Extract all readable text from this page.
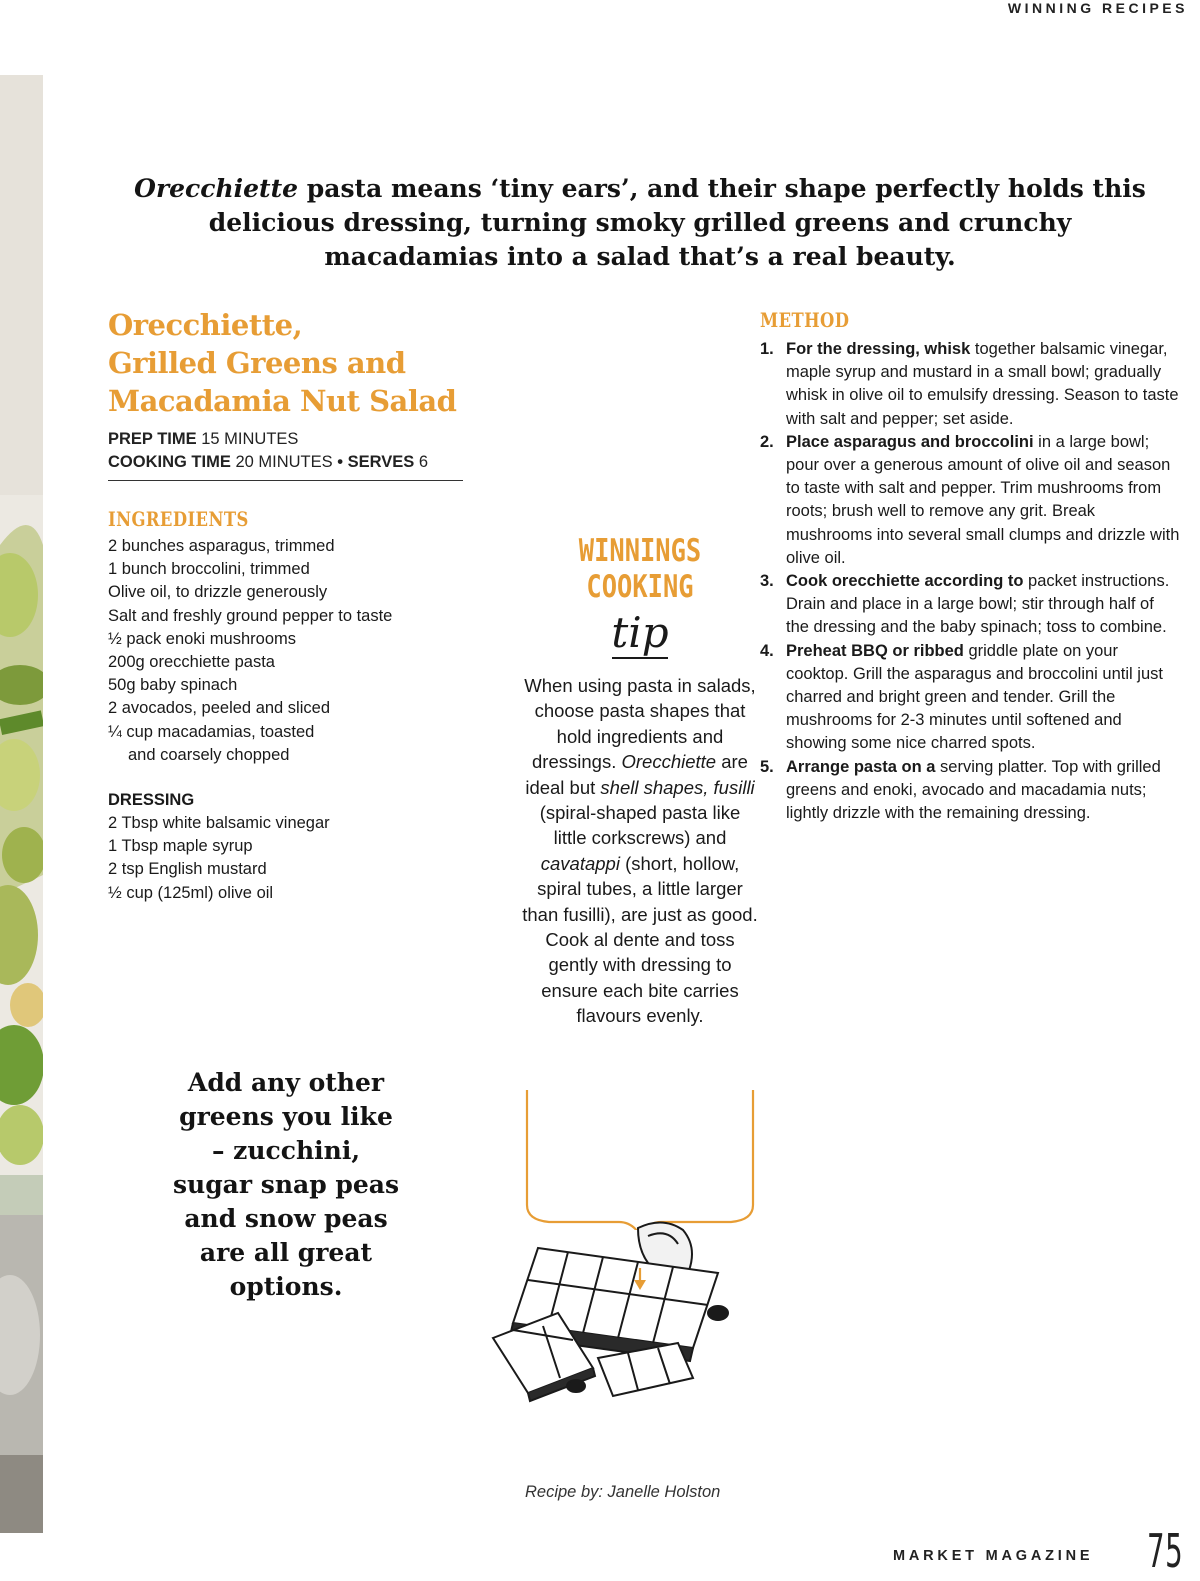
WINNING RECIPES
Orecchiette pasta means ‘tiny ears’, and their shape perfectly holds this delicious dressing, turning smoky grilled greens and crunchy macadamias into a salad that’s a real beauty.
Orecchiette,
Grilled Greens and
Macadamia Nut Salad
PREP TIME 15 MINUTES
COOKING TIME 20 MINUTES • SERVES 6
INGREDIENTS
2 bunches asparagus, trimmed
1 bunch broccolini, trimmed
Olive oil, to drizzle generously
Salt and freshly ground pepper to taste
½ pack enoki mushrooms
200g orecchiette pasta
50g baby spinach
2 avocados, peeled and sliced
¼ cup macadamias, toasted
and coarsely chopped
DRESSING
2 Tbsp white balsamic vinegar
1 Tbsp maple syrup
2 tsp English mustard
½ cup (125ml) olive oil
Add any other greens you like – zucchini, sugar snap peas and snow peas are all great options.
WINNINGS
COOKING
tip
When using pasta in salads, choose pasta shapes that hold ingredients and dressings. Orecchiette are ideal but shell shapes, fusilli (spiral-shaped pasta like little corkscrews) and cavatappi (short, hollow, spiral tubes, a little larger than fusilli), are just as good. Cook al dente and toss gently with dressing to ensure each bite carries flavours evenly.
METHOD
1. For the dressing, whisk together balsamic vinegar, maple syrup and mustard in a small bowl; gradually whisk in olive oil to emulsify dressing. Season to taste with salt and pepper; set aside.
2. Place asparagus and broccolini in a large bowl; pour over a generous amount of olive oil and season to taste with salt and pepper. Trim mushrooms from roots; brush well to remove any grit. Break mushrooms into several small clumps and drizzle with olive oil.
3. Cook orecchiette according to packet instructions. Drain and place in a large bowl; stir through half of the dressing and the baby spinach; toss to combine.
4. Preheat BBQ or ribbed griddle plate on your cooktop. Grill the asparagus and broccolini until just charred and bright green and tender. Grill the mushrooms for 2-3 minutes until softened and showing some nice charred spots.
5. Arrange pasta on a serving platter. Top with grilled greens and enoki, avocado and macadamia nuts; lightly drizzle with the remaining dressing.
Recipe by: Janelle Holston
MARKET MAGAZINE 75
